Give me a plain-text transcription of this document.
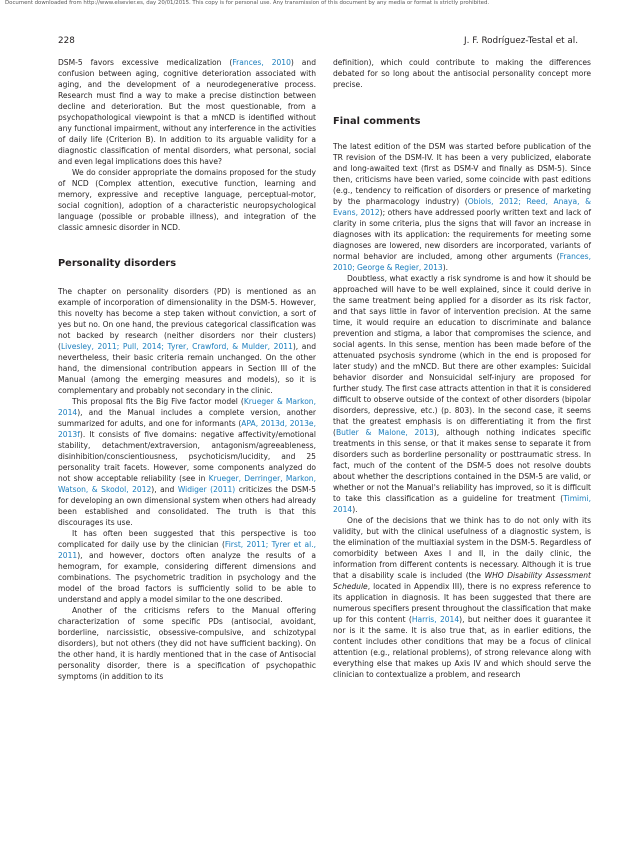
Document downloaded from http://www.elsevier.es, day 20/01/2015. This copy is for personal use. Any transmission of this document by any media or format is strictly prohibited.
228	J. F. Rodríguez-Testal et al.

DSM-5 favors excessive medicalization (Frances, 2010) and confusion between aging, cognitive deterioration associated with aging, and the development of a neurodegenerative process. Research must find a way to make a precise distinction between decline and deterioration. But the most questionable, from a psychopathological viewpoint is that a mNCD is identified without any functional impairment, without any interference in the activities of daily life (Criterion B). In addition to its arguable validity for a diagnostic classification of mental disorders, what personal, social and even legal implications does this have?

We do consider appropriate the domains proposed for the study of NCD (Complex attention, executive function, learning and memory, expressive and receptive language, perceptual-motor, social cognition), adoption of a characteristic neuropsychological language (possible or probable illness), and integration of the classic amnesic disorder in NCD.

Personality disorders

The chapter on personality disorders (PD) is mentioned as an example of incorporation of dimensionality in the DSM-5. However, this novelty has become a step taken without conviction, a sort of yes but no. On one hand, the previous categorical classification was not backed by research (neither disorders nor their clusters) (Livesley, 2011; Pull, 2014; Tyrer, Crawford, & Mulder, 2011), and nevertheless, their basic criteria remain unchanged. On the other hand, the dimensional contribution appears in Section III of the Manual (among the emerging measures and models), so it is complementary and probably not secondary in the clinic.

This proposal fits the Big Five factor model (Krueger & Markon, 2014), and the Manual includes a complete version, another summarized for adults, and one for informants (APA, 2013d, 2013e, 2013f). It consists of five domains: negative affectivity/emotional stability, detachment/extraversion, antagonism/agreeableness, disinhibition/conscientiousness, psychoticism/lucidity, and 25 personality trait facets. However, some components analyzed do not show acceptable reliability (see in Krueger, Derringer, Markon, Watson, & Skodol, 2012), and Widiger (2011) criticizes the DSM-5 for developing an own dimensional system when others had already been established and consolidated. The truth is that this discourages its use.

It has often been suggested that this perspective is too complicated for daily use by the clinician (First, 2011; Tyrer et al., 2011), and however, doctors often analyze the results of a hemogram, for example, considering different dimensions and combinations. The psychometric tradition in psychology and the model of the broad factors is sufficiently solid to be able to understand and apply a model similar to the one described.

Another of the criticisms refers to the Manual offering characterization of some specific PDs (antisocial, avoidant, borderline, narcissistic, obsessive-compulsive, and schizotypal disorders), but not others (they did not have sufficient backing). On the other hand, it is hardly mentioned that in the case of Antisocial personality disorder, there is a specification of psychopathic symptoms (in addition to its

definition), which could contribute to making the differences debated for so long about the antisocial personality concept more precise.

Final comments

The latest edition of the DSM was started before publication of the TR revision of the DSM-IV. It has been a very publicized, elaborate and long-awaited text (first as DSM-V and finally as DSM-5). Since then, criticisms have been varied, some coincide with past editions (e.g., tendency to reification of disorders or presence of marketing by the pharmacology industry) (Obiols, 2012; Reed, Anaya, & Evans, 2012); others have addressed poorly written text and lack of clarity in some criteria, plus the signs that will favor an increase in diagnoses with its application: the requirements for meeting some diagnoses are lowered, new disorders are incorporated, variants of normal behavior are included, among other arguments (Frances, 2010; George & Regier, 2013).

Doubtless, what exactly a risk syndrome is and how it should be approached will have to be well explained, since it could derive in the same treatment being applied for a disorder as its risk factor, and that says little in favor of intervention precision. At the same time, it would require an education to discriminate and balance prevention and stigma, a labor that compromises the science, and social agents. In this sense, mention has been made before of the attenuated psychosis syndrome (which in the end is proposed for later study) and the mNCD. But there are other examples: Suicidal behavior disorder and Nonsuicidal self-injury are proposed for further study. The first case attracts attention in that it is considered difficult to observe outside of the context of other disorders (bipolar disorders, depressive, etc.) (p. 803). In the second case, it seems that the greatest emphasis is on differentiating it from the first (Butler & Malone, 2013), although nothing indicates specific treatments in this sense, or that it makes sense to separate it from disorders such as borderline personality or posttraumatic stress. In fact, much of the content of the DSM-5 does not resolve doubts about whether the descriptions contained in the DSM-5 are valid, or whether or not the Manual's reliability has improved, so it is difficult to take this classification as a guideline for treatment (Timimi, 2014).

One of the decisions that we think has to do not only with its validity, but with the clinical usefulness of a diagnostic system, is the elimination of the multiaxial system in the DSM-5. Regardless of comorbidity between Axes I and II, in the daily clinic, the information from different contents is necessary. Although it is true that a disability scale is included (the WHO Disability Assessment Schedule, located in Appendix III), there is no express reference to its application in diagnosis. It has been suggested that there are numerous specifiers present throughout the classification that make up for this content (Harris, 2014), but neither does it guarantee it nor is it the same. It is also true that, as in earlier editions, the content includes other conditions that may be a focus of clinical attention (e.g., relational problems), of strong relevance along with everything else that makes up Axis IV and which should serve the clinician to contextualize a problem, and research
